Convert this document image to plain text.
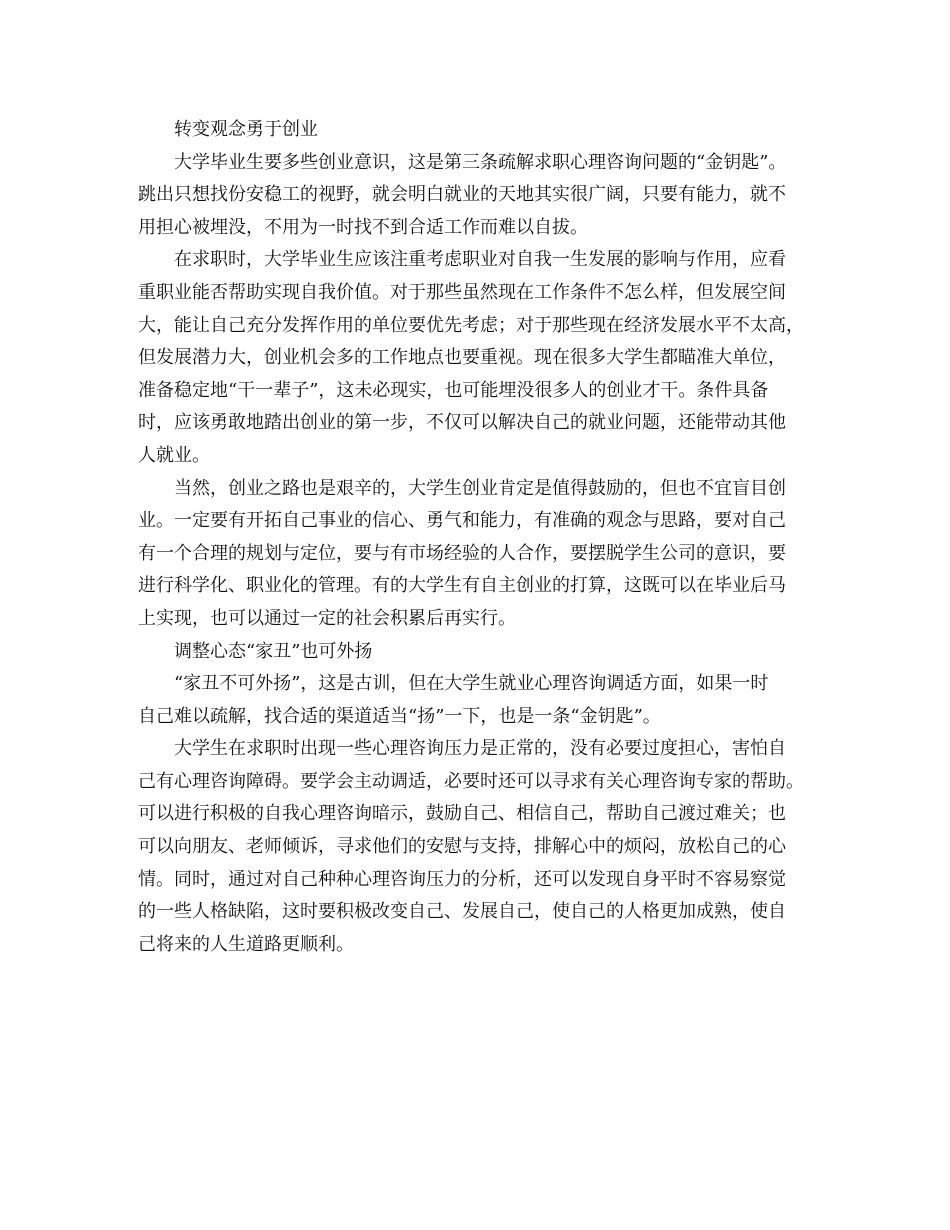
转变观念勇于创业
大学毕业生要多些创业意识，这是第三条疏解求职心理咨询问题的“金钥匙”。
跳出只想找份安稳工的视野，就会明白就业的天地其实很广阔，只要有能力，就不
用担心被埋没，不用为一时找不到合适工作而难以自拔。
在求职时，大学毕业生应该注重考虑职业对自我一生发展的影响与作用，应看
重职业能否帮助实现自我价值。对于那些虽然现在工作条件不怎么样，但发展空间
大，能让自己充分发挥作用的单位要优先考虑；对于那些现在经济发展水平不太高，
但发展潜力大，创业机会多的工作地点也要重视。现在很多大学生都瞄准大单位，
准备稳定地“干一辈子”，这未必现实，也可能埋没很多人的创业才干。条件具备
时，应该勇敢地踏出创业的第一步，不仅可以解决自己的就业问题，还能带动其他
人就业。
当然，创业之路也是艰辛的，大学生创业肯定是值得鼓励的，但也不宜盲目创
业。一定要有开拓自己事业的信心、勇气和能力，有准确的观念与思路，要对自己
有一个合理的规划与定位，要与有市场经验的人合作，要摆脱学生公司的意识，要
进行科学化、职业化的管理。有的大学生有自主创业的打算，这既可以在毕业后马
上实现，也可以通过一定的社会积累后再实行。
调整心态“家丑”也可外扬
“家丑不可外扬”，这是古训，但在大学生就业心理咨询调适方面，如果一时
自己难以疏解，找合适的渠道适当“扬”一下，也是一条“金钥匙”。
大学生在求职时出现一些心理咨询压力是正常的，没有必要过度担心，害怕自
己有心理咨询障碍。要学会主动调适，必要时还可以寻求有关心理咨询专家的帮助。
可以进行积极的自我心理咨询暗示，鼓励自己、相信自己，帮助自己渡过难关；也
可以向朋友、老师倾诉，寻求他们的安慰与支持，排解心中的烦闷，放松自己的心
情。同时，通过对自己种种心理咨询压力的分析，还可以发现自身平时不容易察觉
的一些人格缺陷，这时要积极改变自己、发展自己，使自己的人格更加成熟，使自
己将来的人生道路更顺利。
